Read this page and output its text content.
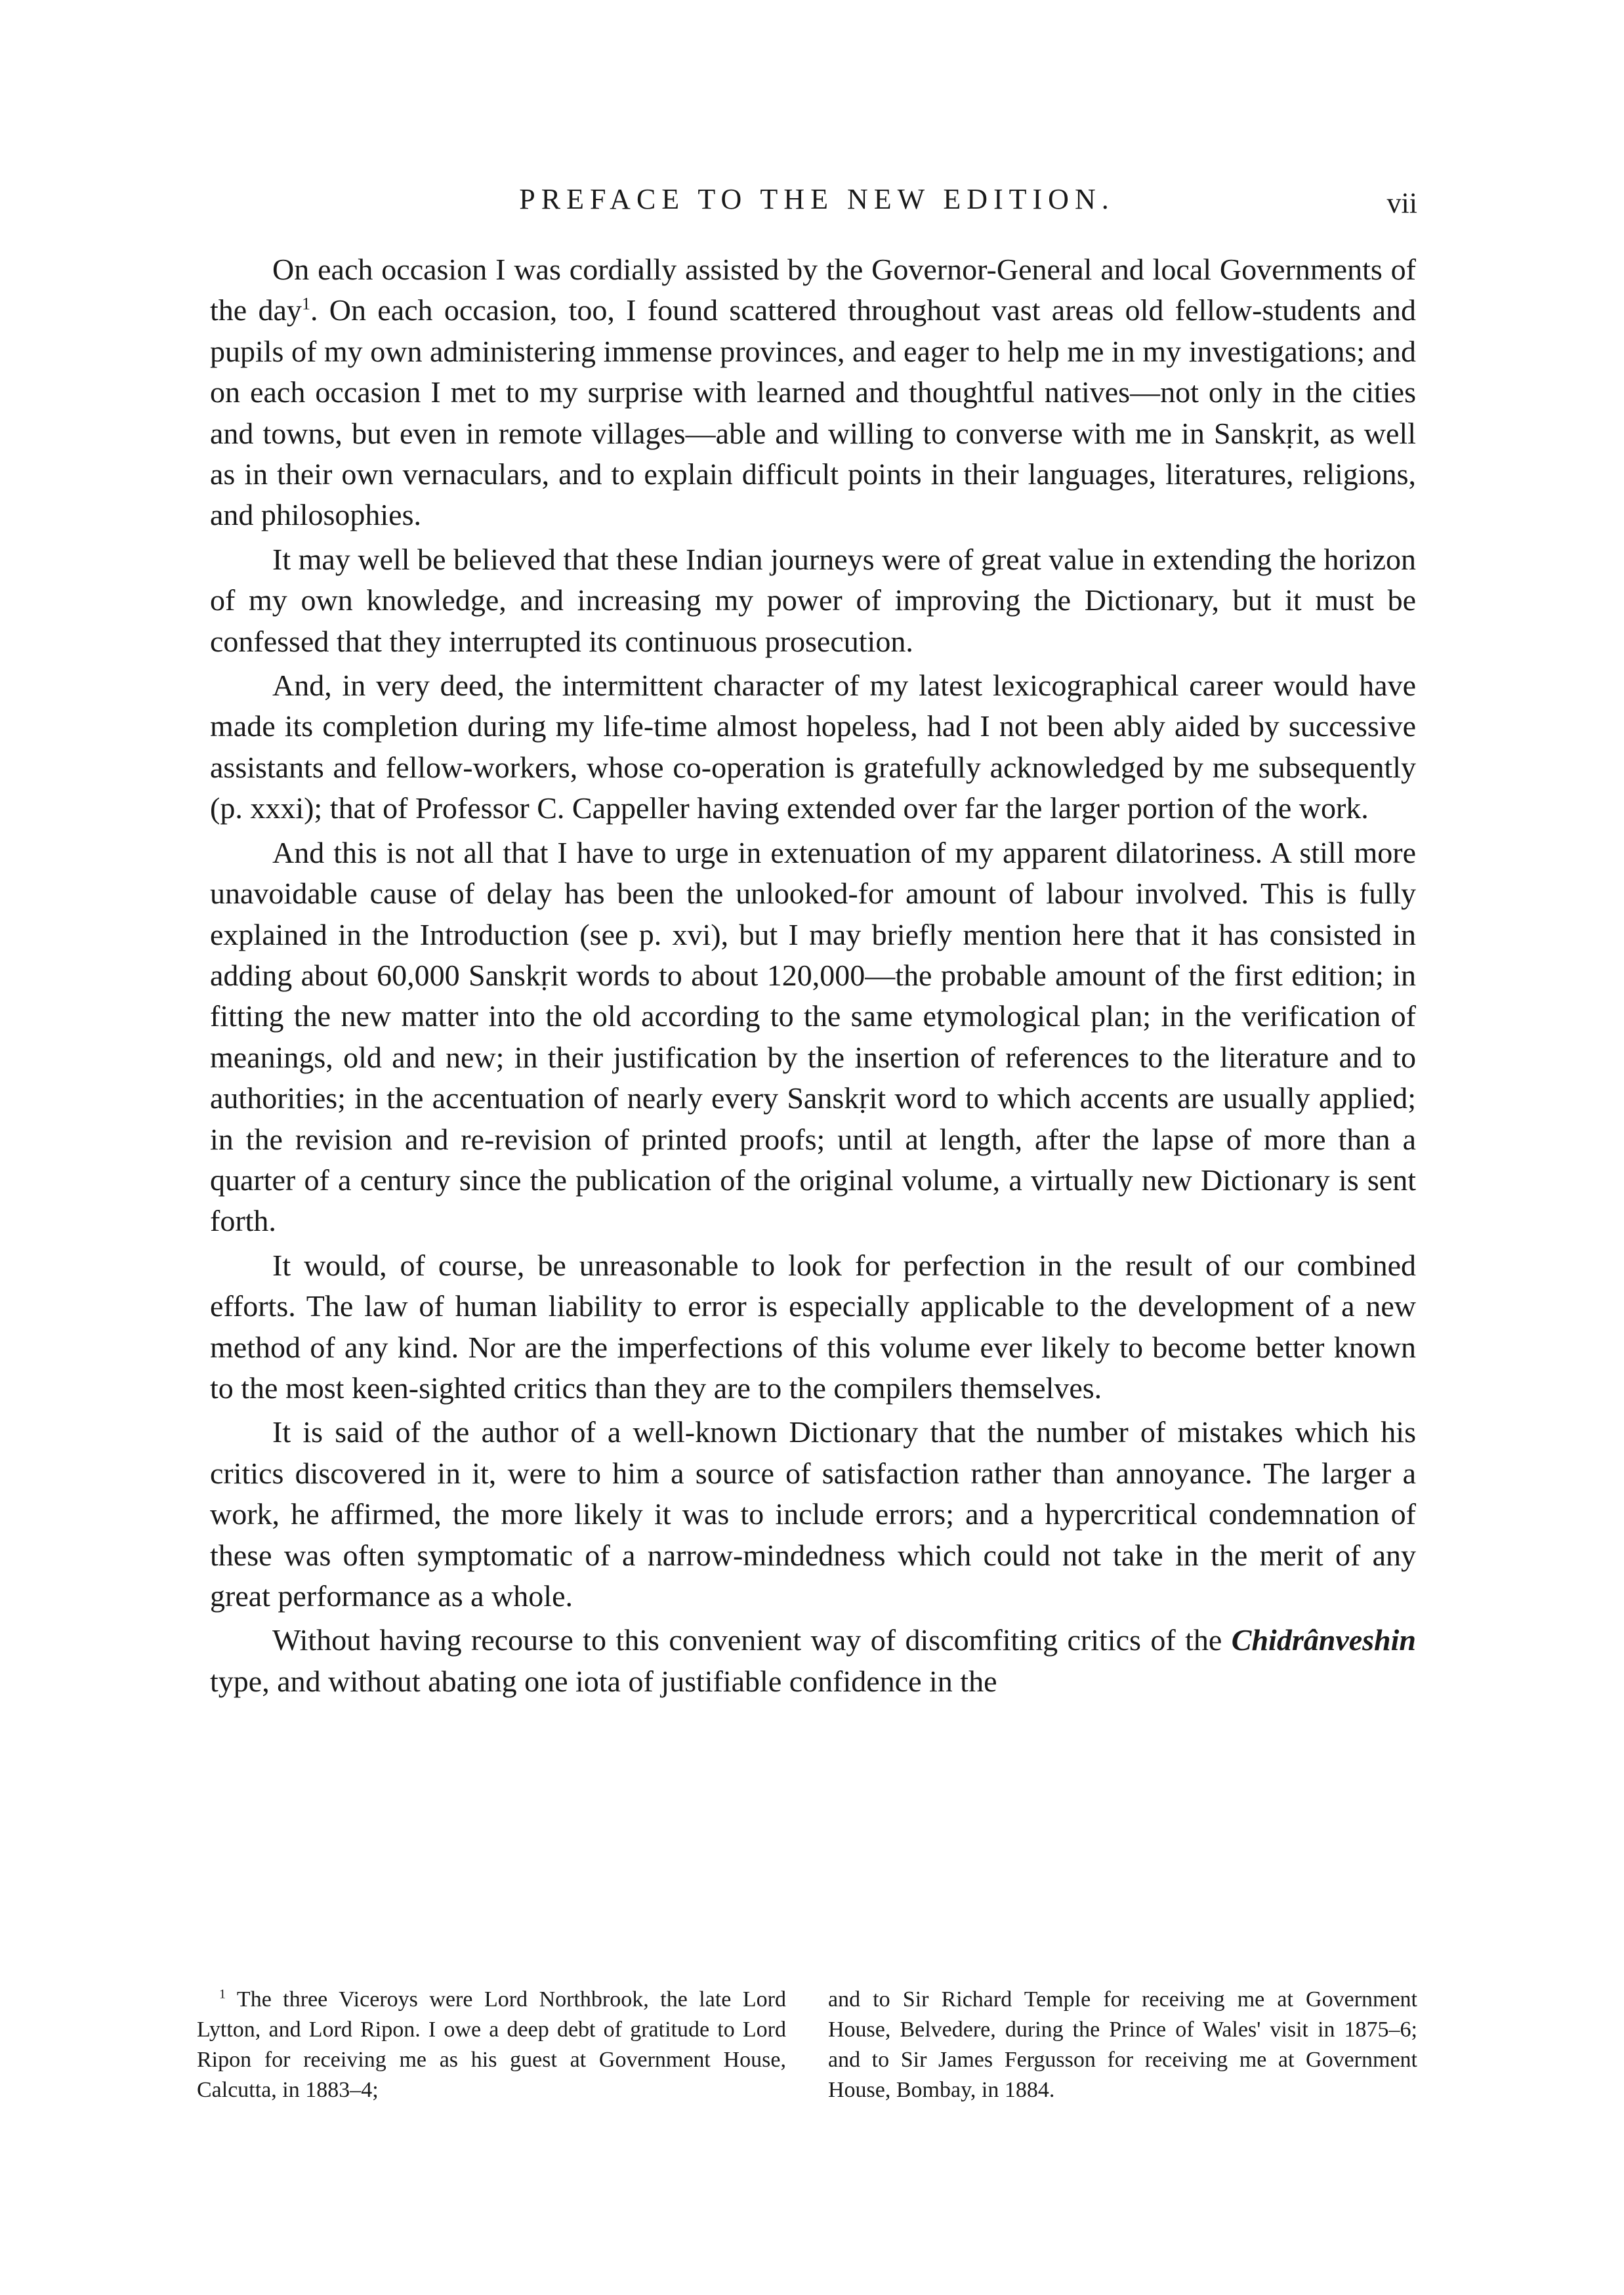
PREFACE TO THE NEW EDITION.	vii

On each occasion I was cordially assisted by the Governor-General and local Governments of the day$^1$. On each occasion, too, I found scattered throughout vast areas old fellow-students and pupils of my own administering immense provinces, and eager to help me in my investigations; and on each occasion I met to my surprise with learned and thoughtful natives—not only in the cities and towns, but even in remote villages—able and willing to converse with me in Sanskṛit, as well as in their own vernaculars, and to explain difficult points in their languages, literatures, religions, and philosophies.

It may well be believed that these Indian journeys were of great value in extending the horizon of my own knowledge, and increasing my power of improving the Dictionary, but it must be confessed that they interrupted its continuous prosecution.

And, in very deed, the intermittent character of my latest lexicographical career would have made its completion during my life-time almost hopeless, had I not been ably aided by successive assistants and fellow-workers, whose co-operation is gratefully acknowledged by me subsequently (p. xxxi); that of Professor C. Cappeller having extended over far the larger portion of the work.

And this is not all that I have to urge in extenuation of my apparent dilatoriness. A still more unavoidable cause of delay has been the unlooked-for amount of labour involved. This is fully explained in the Introduction (see p. xvi), but I may briefly mention here that it has consisted in adding about 60,000 Sanskṛit words to about 120,000—the probable amount of the first edition; in fitting the new matter into the old according to the same etymological plan; in the verification of meanings, old and new; in their justification by the insertion of references to the literature and to authorities; in the accentuation of nearly every Sanskṛit word to which accents are usually applied; in the revision and re-revision of printed proofs; until at length, after the lapse of more than a quarter of a century since the publication of the original volume, a virtually new Dictionary is sent forth.

It would, of course, be unreasonable to look for perfection in the result of our combined efforts. The law of human liability to error is especially applicable to the development of a new method of any kind. Nor are the imperfections of this volume ever likely to become better known to the most keen-sighted critics than they are to the compilers themselves.

It is said of the author of a well-known Dictionary that the number of mistakes which his critics discovered in it, were to him a source of satisfaction rather than annoyance. The larger a work, he affirmed, the more likely it was to include errors; and a hypercritical condemnation of these was often symptomatic of a narrow-mindedness which could not take in the merit of any great performance as a whole.

Without having recourse to this convenient way of discomfiting critics of the Chidrânveshin type, and without abating one iota of justifiable confidence in the

$^1$ The three Viceroys were Lord Northbrook, the late Lord Lytton, and Lord Ripon. I owe a deep debt of gratitude to Lord Ripon for receiving me as his guest at Government House, Calcutta, in 1883–4;
and to Sir Richard Temple for receiving me at Government House, Belvedere, during the Prince of Wales' visit in 1875–6; and to Sir James Fergusson for receiving me at Government House, Bombay, in 1884.
